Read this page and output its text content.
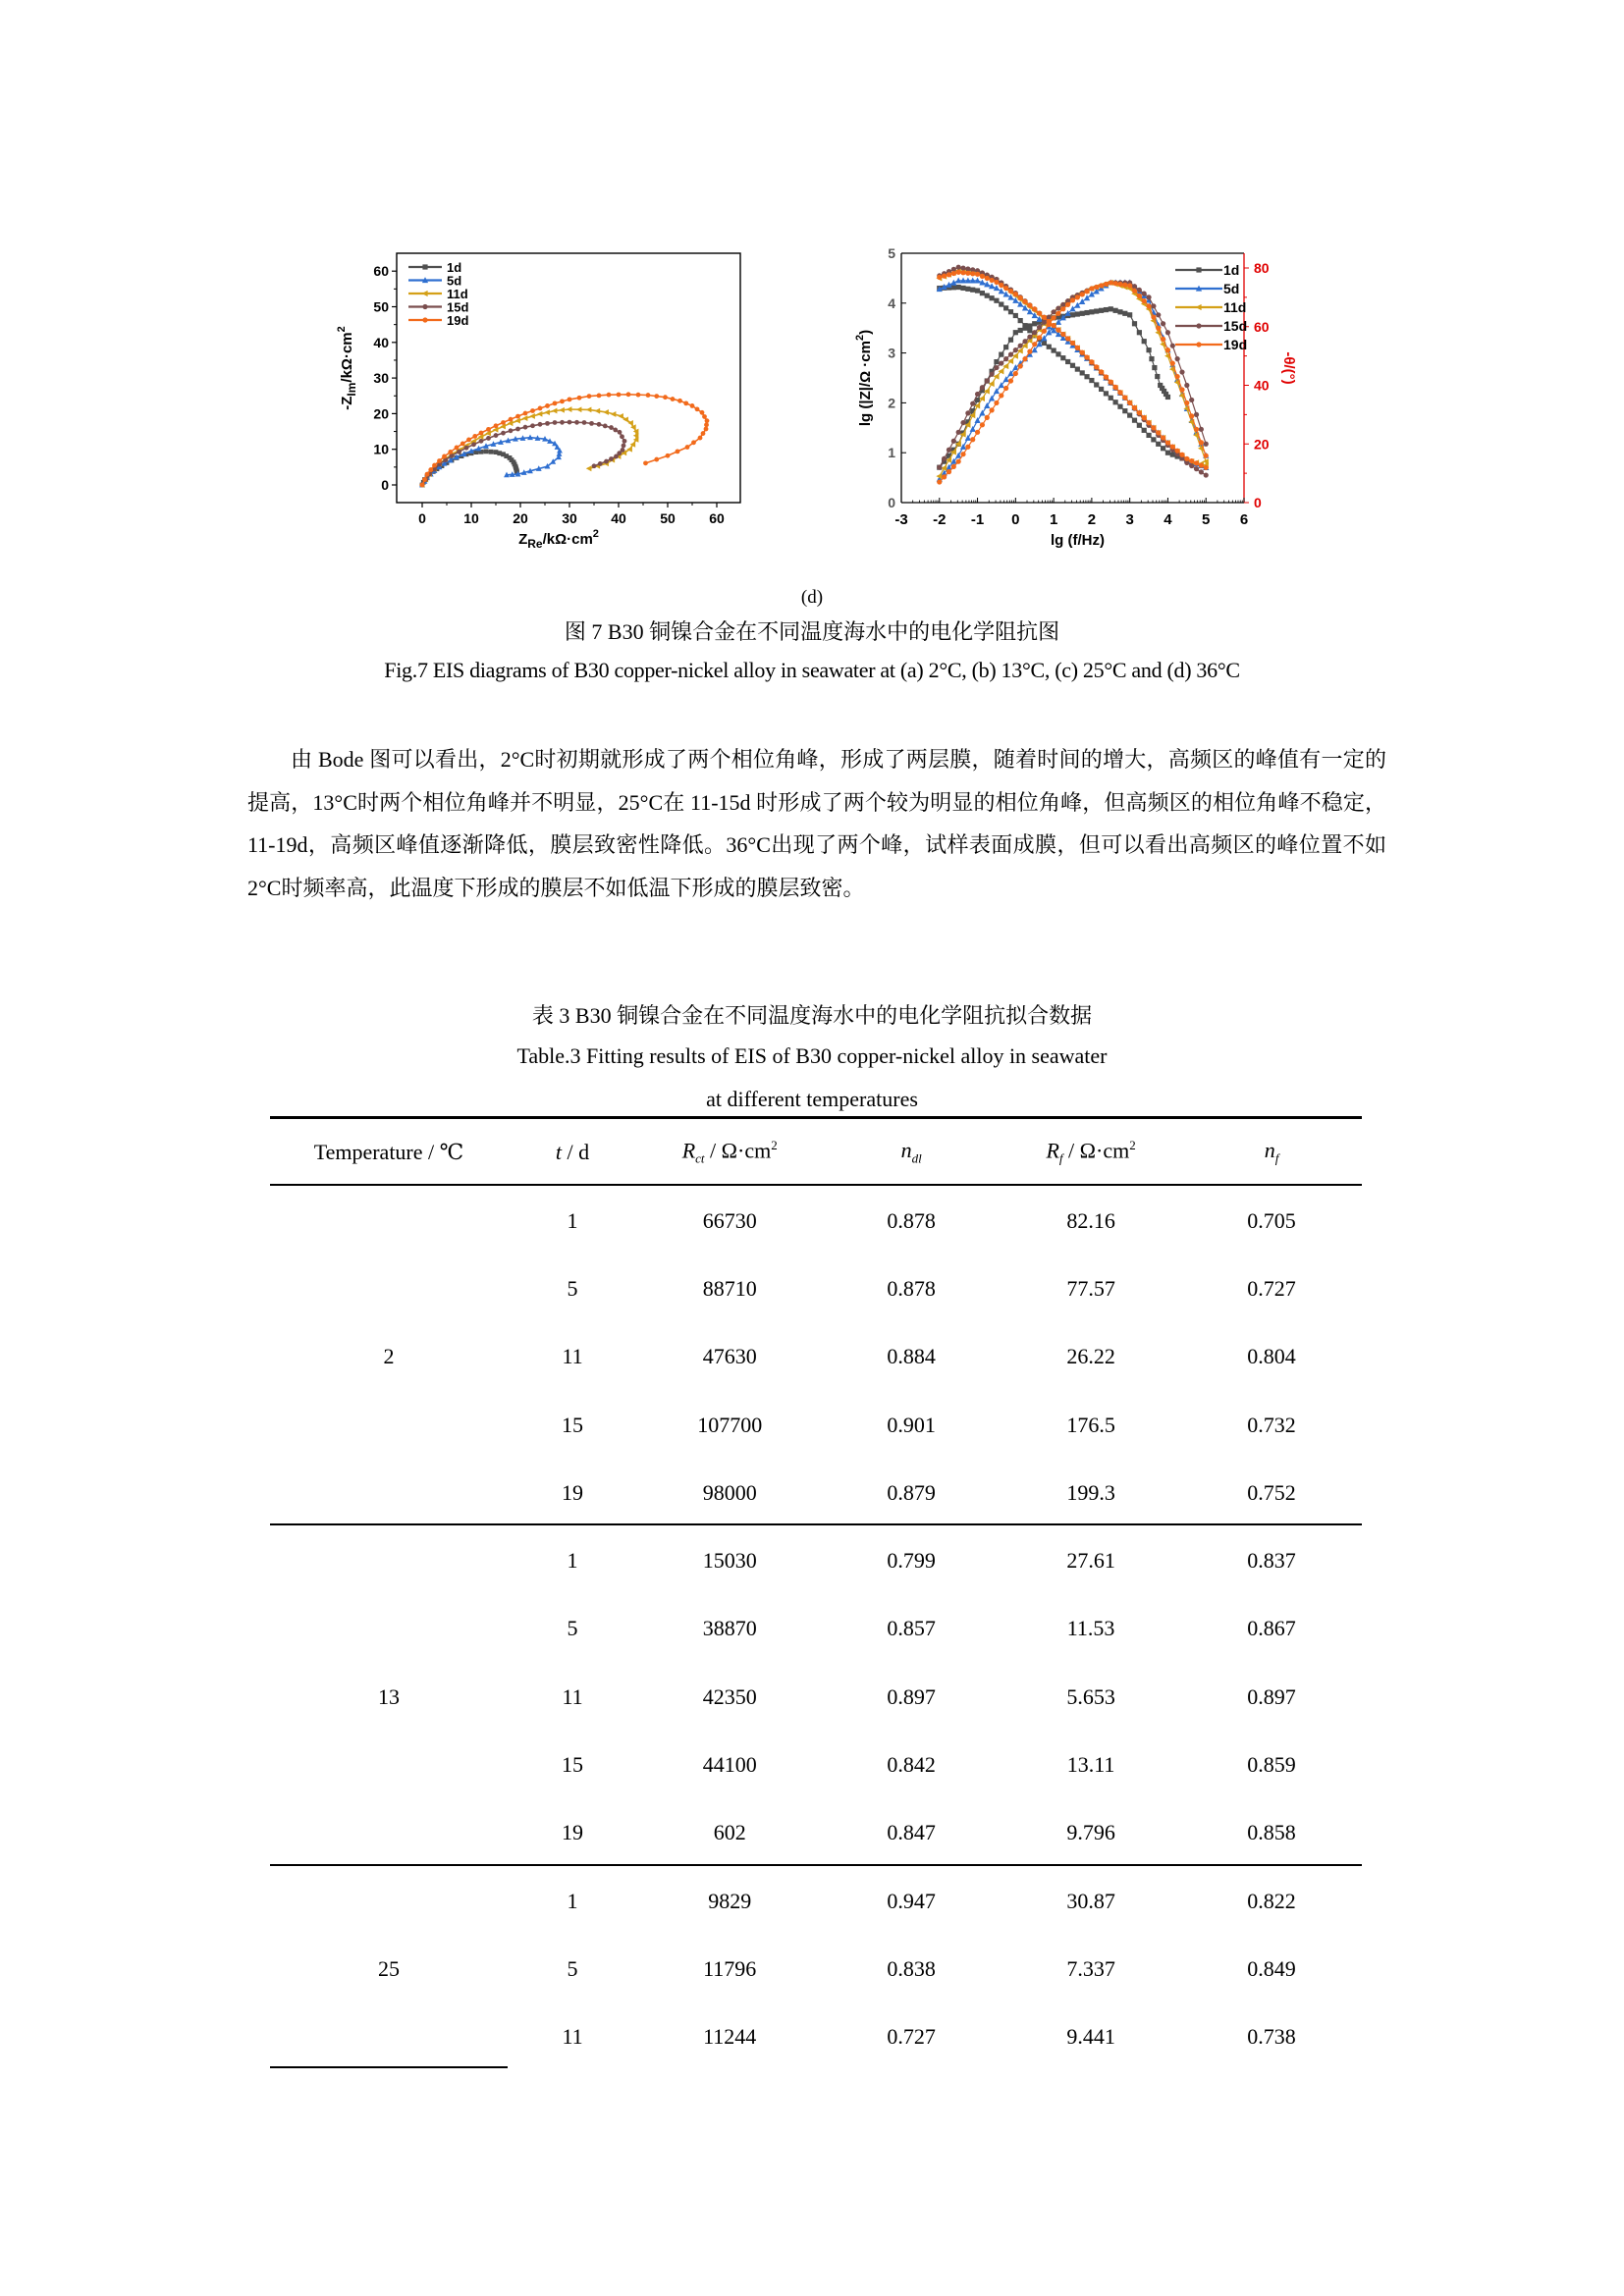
0	10 20 30 40 50 60
0
10
20
30
40
50
60
$Z_{Re}/k\Omega\cdot cm^2$
$-Z_{Im}/k\Omega\cdot cm^2$
1d
5d
11d
15d
19d
-3 -2 -1 0 1 2 3 4 5 6
0
1
2
3
4
5
0
20
40
60
80
lg (f/Hz)
$\lg (|Z|/\Omega \cdot cm^2)$
-θ/(°)
1d
5d
11d
15d
19d
(d)
图 7 B30 铜镍合金在不同温度海水中的电化学阻抗图
Fig.7 EIS diagrams of B30 copper-nickel alloy in seawater at (a) 2°C, (b) 13°C, (c) 25°C and (d) 36°C

由 Bode 图可以看出，2°C时初期就形成了两个相位角峰，形成了两层膜，随着时间的增大，高频区的峰值有一定的提高，13°C时两个相位角峰并不明显，25°C在 11-15d 时形成了两个较为明显的相位角峰，但高频区的相位角峰不稳定，11-19d，高频区峰值逐渐降低，膜层致密性降低。36°C出现了两个峰，试样表面成膜，但可以看出高频区的峰位置不如 2°C时频率高，此温度下形成的膜层不如低温下形成的膜层致密。

表 3 B30 铜镍合金在不同温度海水中的电化学阻抗拟合数据
Table.3 Fitting results of EIS of B30 copper-nickel alloy in seawater
at different temperatures
Temperature / ℃	t / d	$R_{ct} / \Omega\cdot cm^2$	$n_{dl}$	$R_f / \Omega\cdot cm^2$	$n_f$
2	1	66730	0.878	82.16	0.705
	5	88710	0.878	77.57	0.727
	11	47630	0.884	26.22	0.804
	15	107700	0.901	176.5	0.732
	19	98000	0.879	199.3	0.752
13	1	15030	0.799	27.61	0.837
	5	38870	0.857	11.53	0.867
	11	42350	0.897	5.653	0.897
	15	44100	0.842	13.11	0.859
	19	602	0.847	9.796	0.858
25	1	9829	0.947	30.87	0.822
	5	11796	0.838	7.337	0.849
	11	11244	0.727	9.441	0.738
